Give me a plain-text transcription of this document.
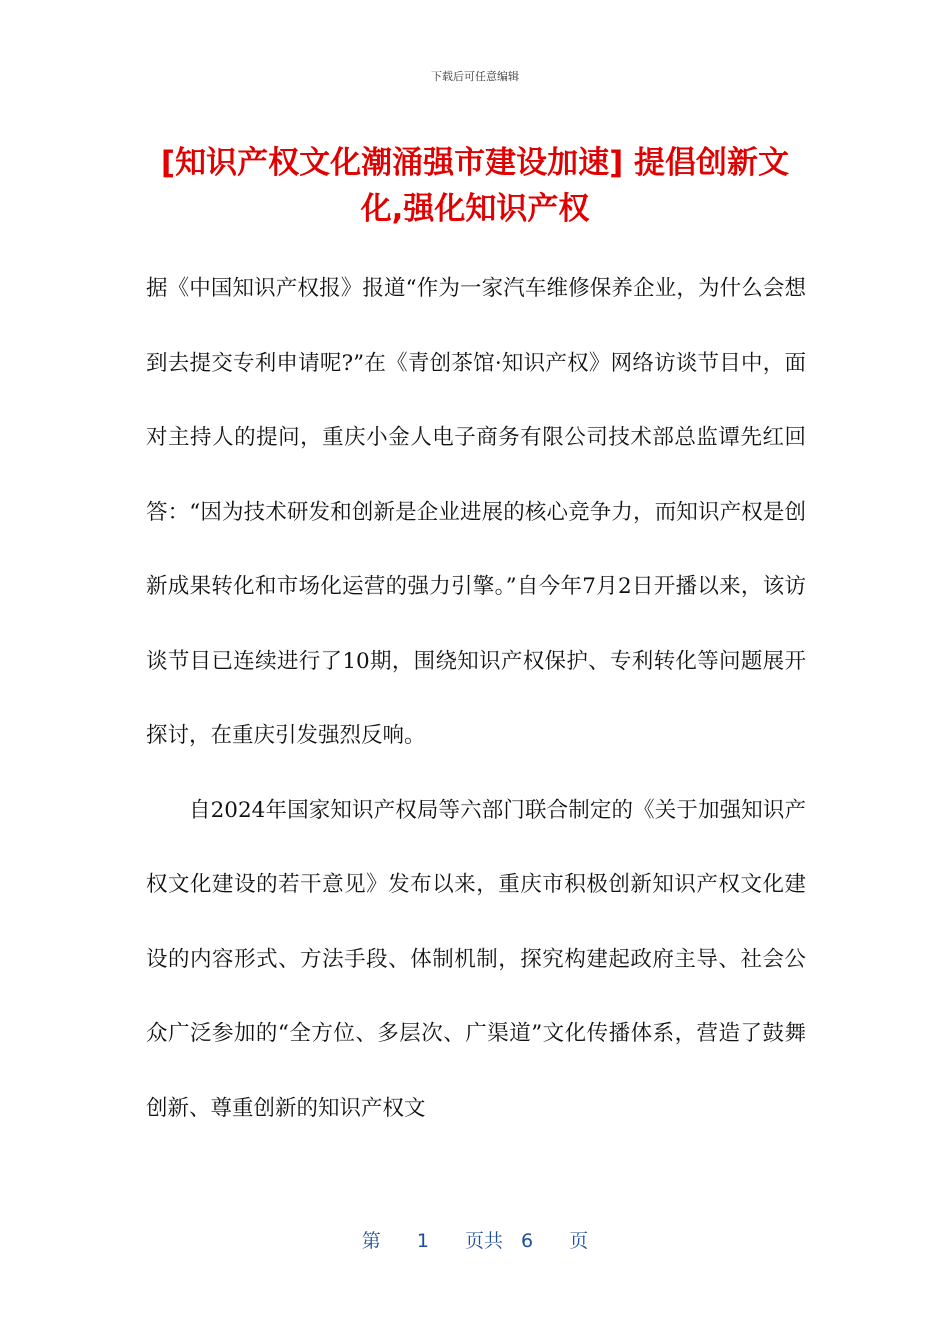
下载后可任意编辑
[知识产权文化潮涌强市建设加速] 提倡创新文化,强化知识产权

据《中国知识产权报》报道“作为一家汽车维修保养企业，为什么会想到去提交专利申请呢?”在《青创茶馆·知识产权》网络访谈节目中，面对主持人的提问，重庆小金人电子商务有限公司技术部总监谭先红回答：“因为技术研发和创新是企业进展的核心竞争力，而知识产权是创新成果转化和市场化运营的强力引擎。”自今年7月2日开播以来，该访谈节目已连续进行了10期，围绕知识产权保护、专利转化等问题展开探讨，在重庆引发强烈反响。

自2024年国家知识产权局等六部门联合制定的《关于加强知识产权文化建设的若干意见》发布以来，重庆市积极创新知识产权文化建设的内容形式、方法手段、体制机制，探究构建起政府主导、社会公众广泛参加的“全方位、多层次、广渠道”文化传播体系，营造了鼓舞创新、尊重创新的知识产权文

第  1  页共 6  页
